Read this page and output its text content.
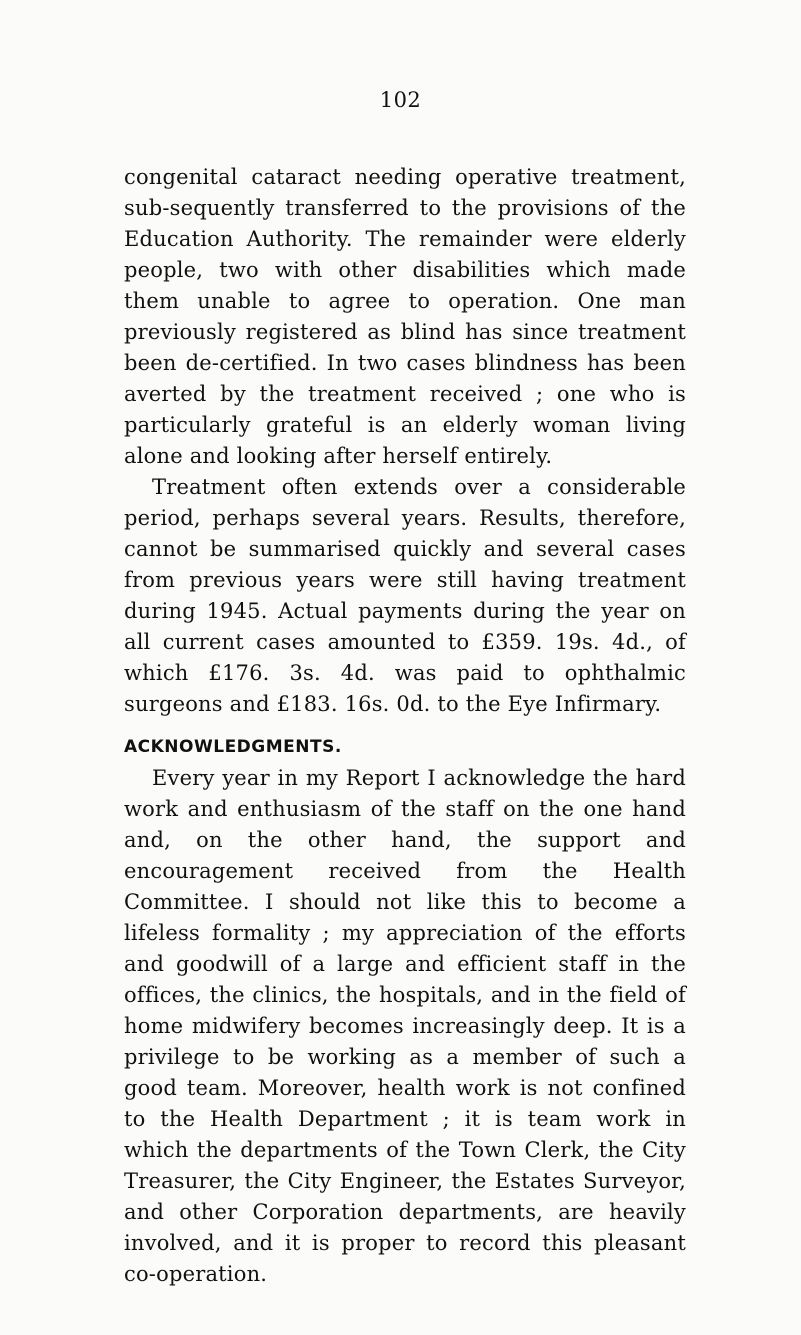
102

congenital cataract needing operative treatment, sub-sequently transferred to the provisions of the Education Authority. The remainder were elderly people, two with other disabilities which made them unable to agree to operation. One man previously registered as blind has since treatment been de-certified. In two cases blindness has been averted by the treatment received ; one who is particularly grateful is an elderly woman living alone and looking after herself entirely.

Treatment often extends over a considerable period, perhaps several years. Results, therefore, cannot be summarised quickly and several cases from previous years were still having treatment during 1945. Actual payments during the year on all current cases amounted to £359. 19s. 4d., of which £176. 3s. 4d. was paid to ophthalmic surgeons and £183. 16s. 0d. to the Eye Infirmary.

ACKNOWLEDGMENTS.

Every year in my Report I acknowledge the hard work and enthusiasm of the staff on the one hand and, on the other hand, the support and encouragement received from the Health Committee. I should not like this to become a lifeless formality ; my appreciation of the efforts and goodwill of a large and efficient staff in the offices, the clinics, the hospitals, and in the field of home midwifery becomes increasingly deep. It is a privilege to be working as a member of such a good team. Moreover, health work is not confined to the Health Department ; it is team work in which the departments of the Town Clerk, the City Treasurer, the City Engineer, the Estates Surveyor, and other Corporation departments, are heavily involved, and it is proper to record this pleasant co-operation.
